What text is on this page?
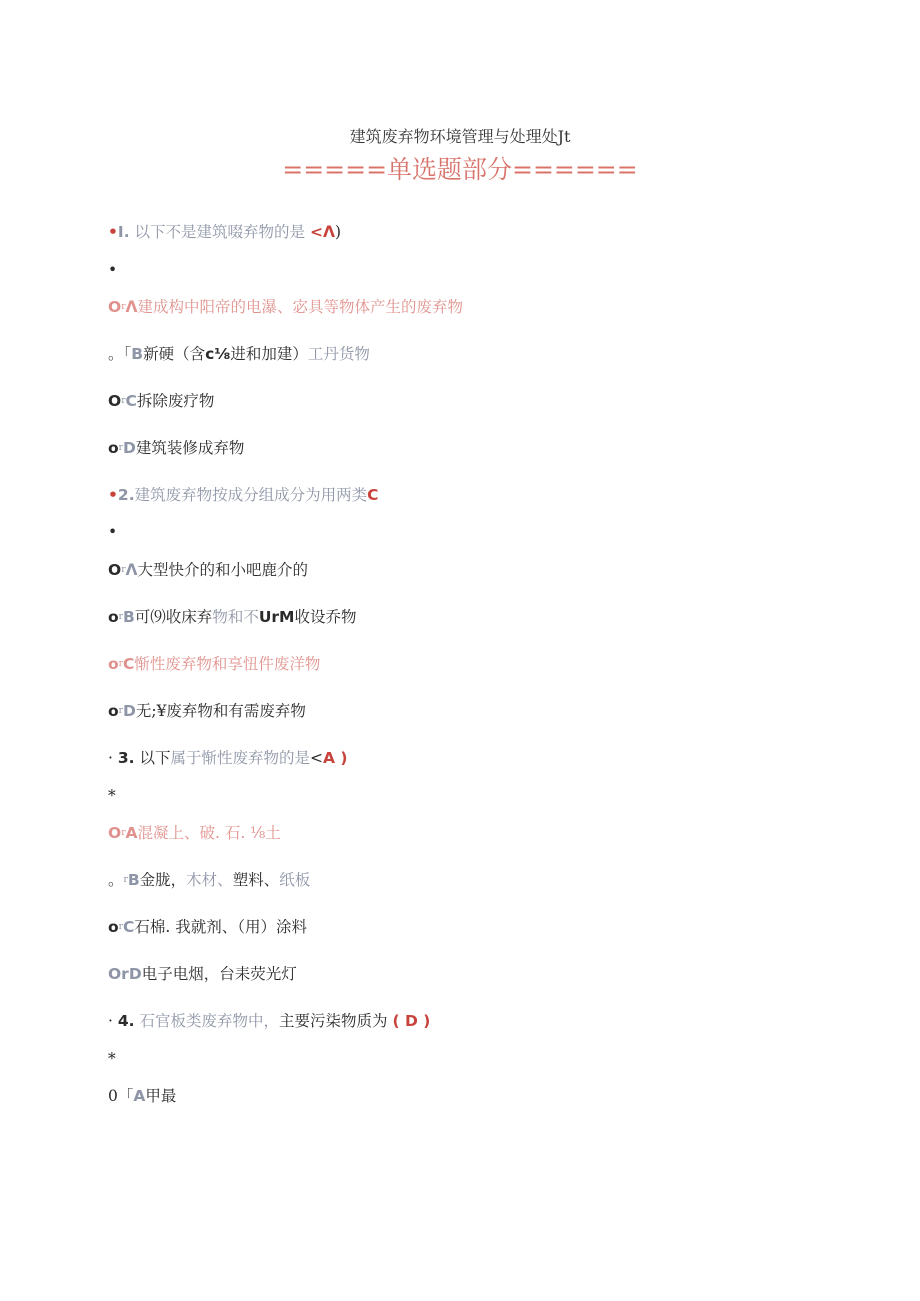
建筑废弃物环境管理与处理处Jt
=====单选题部分======
•I. 以下不是建筑啜弃物的是 <Λ)
•
$O^r\Lambda$建成构中阳帝的电瀑、宓具等物体产生的废弃物
。「B新硬（含c⅛进和加建）工丹货物
$O^rC$拆除废疗物
$o^rD$建筑装修成弃物
•2.建筑废弃物按成分组成分为用两类C
•
$O^r\Lambda$大型快介的和小吧鹿介的
$o^rB$可⑼收床弃物和不UrM收设乔物
$o^rC$惭性废弃物和享忸件废洋物
$o^rD$无;¥废弃物和有需废弃物
· 3. 以下属于惭性废弃物的是<A )
*
$O^rA$混凝上、破. 石. ⅛土
。$^r$B金胧，木材、塑料、纸板
$o^rC$石棉. 我就剂、（用）涂料
OrD电子电烟，台耒荧光灯
· 4. 石官板类废弃物中，主要污柒物质为 ( D )
*
0「A甲最
